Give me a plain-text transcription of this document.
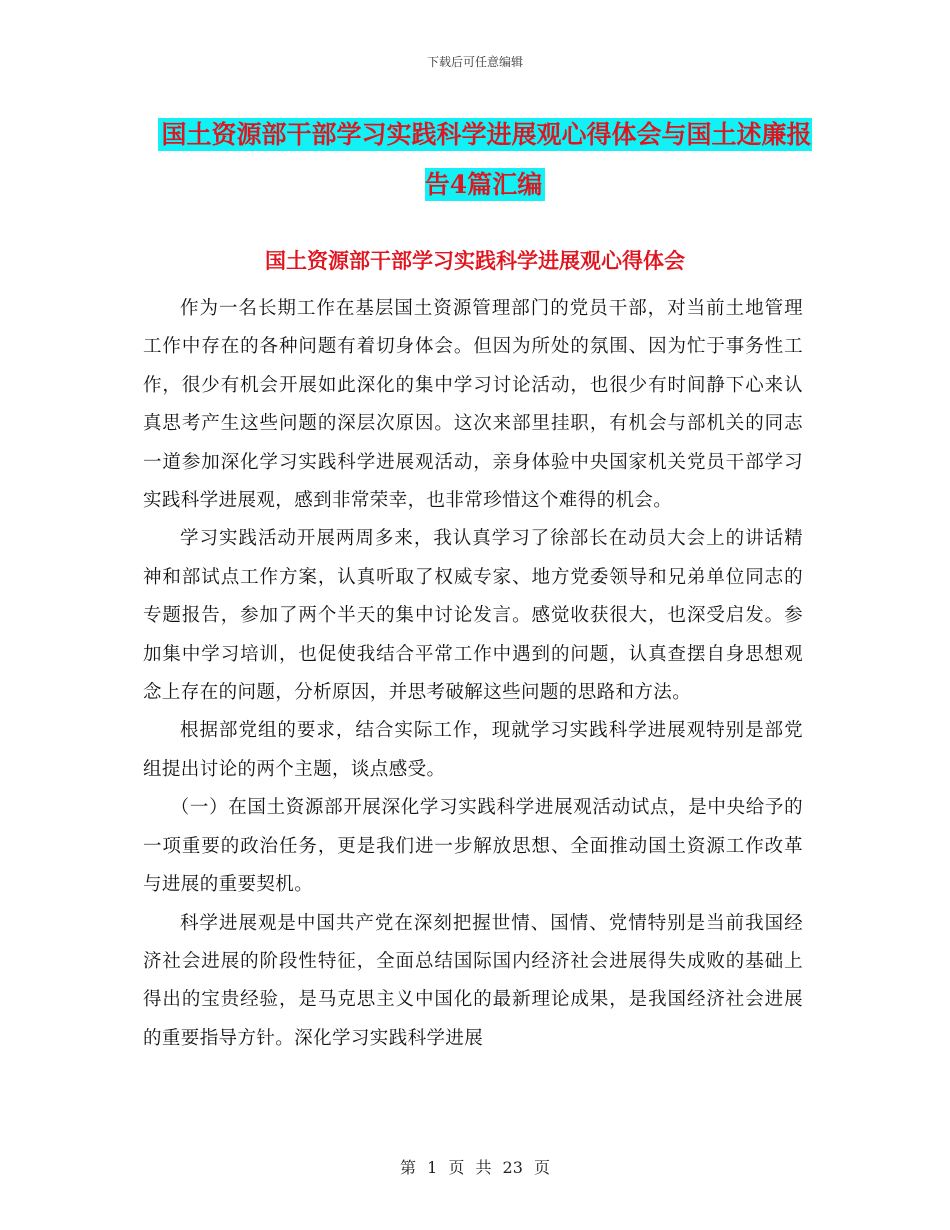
下载后可任意编辑
国土资源部干部学习实践科学进展观心得体会与国土述廉报告4篇汇编
国土资源部干部学习实践科学进展观心得体会

作为一名长期工作在基层国土资源管理部门的党员干部，对当前土地管理工作中存在的各种问题有着切身体会。但因为所处的氛围、因为忙于事务性工作，很少有机会开展如此深化的集中学习讨论活动，也很少有时间静下心来认真思考产生这些问题的深层次原因。这次来部里挂职，有机会与部机关的同志一道参加深化学习实践科学进展观活动，亲身体验中央国家机关党员干部学习实践科学进展观，感到非常荣幸，也非常珍惜这个难得的机会。

学习实践活动开展两周多来，我认真学习了徐部长在动员大会上的讲话精神和部试点工作方案，认真听取了权威专家、地方党委领导和兄弟单位同志的专题报告，参加了两个半天的集中讨论发言。感觉收获很大，也深受启发。参加集中学习培训，也促使我结合平常工作中遇到的问题，认真查摆自身思想观念上存在的问题，分析原因，并思考破解这些问题的思路和方法。

根据部党组的要求，结合实际工作，现就学习实践科学进展观特别是部党组提出讨论的两个主题，谈点感受。

（一）在国土资源部开展深化学习实践科学进展观活动试点，是中央给予的一项重要的政治任务，更是我们进一步解放思想、全面推动国土资源工作改革与进展的重要契机。

科学进展观是中国共产党在深刻把握世情、国情、党情特别是当前我国经济社会进展的阶段性特征，全面总结国际国内经济社会进展得失成败的基础上得出的宝贵经验，是马克思主义中国化的最新理论成果，是我国经济社会进展的重要指导方针。深化学习实践科学进展

第 1 页 共 23 页
